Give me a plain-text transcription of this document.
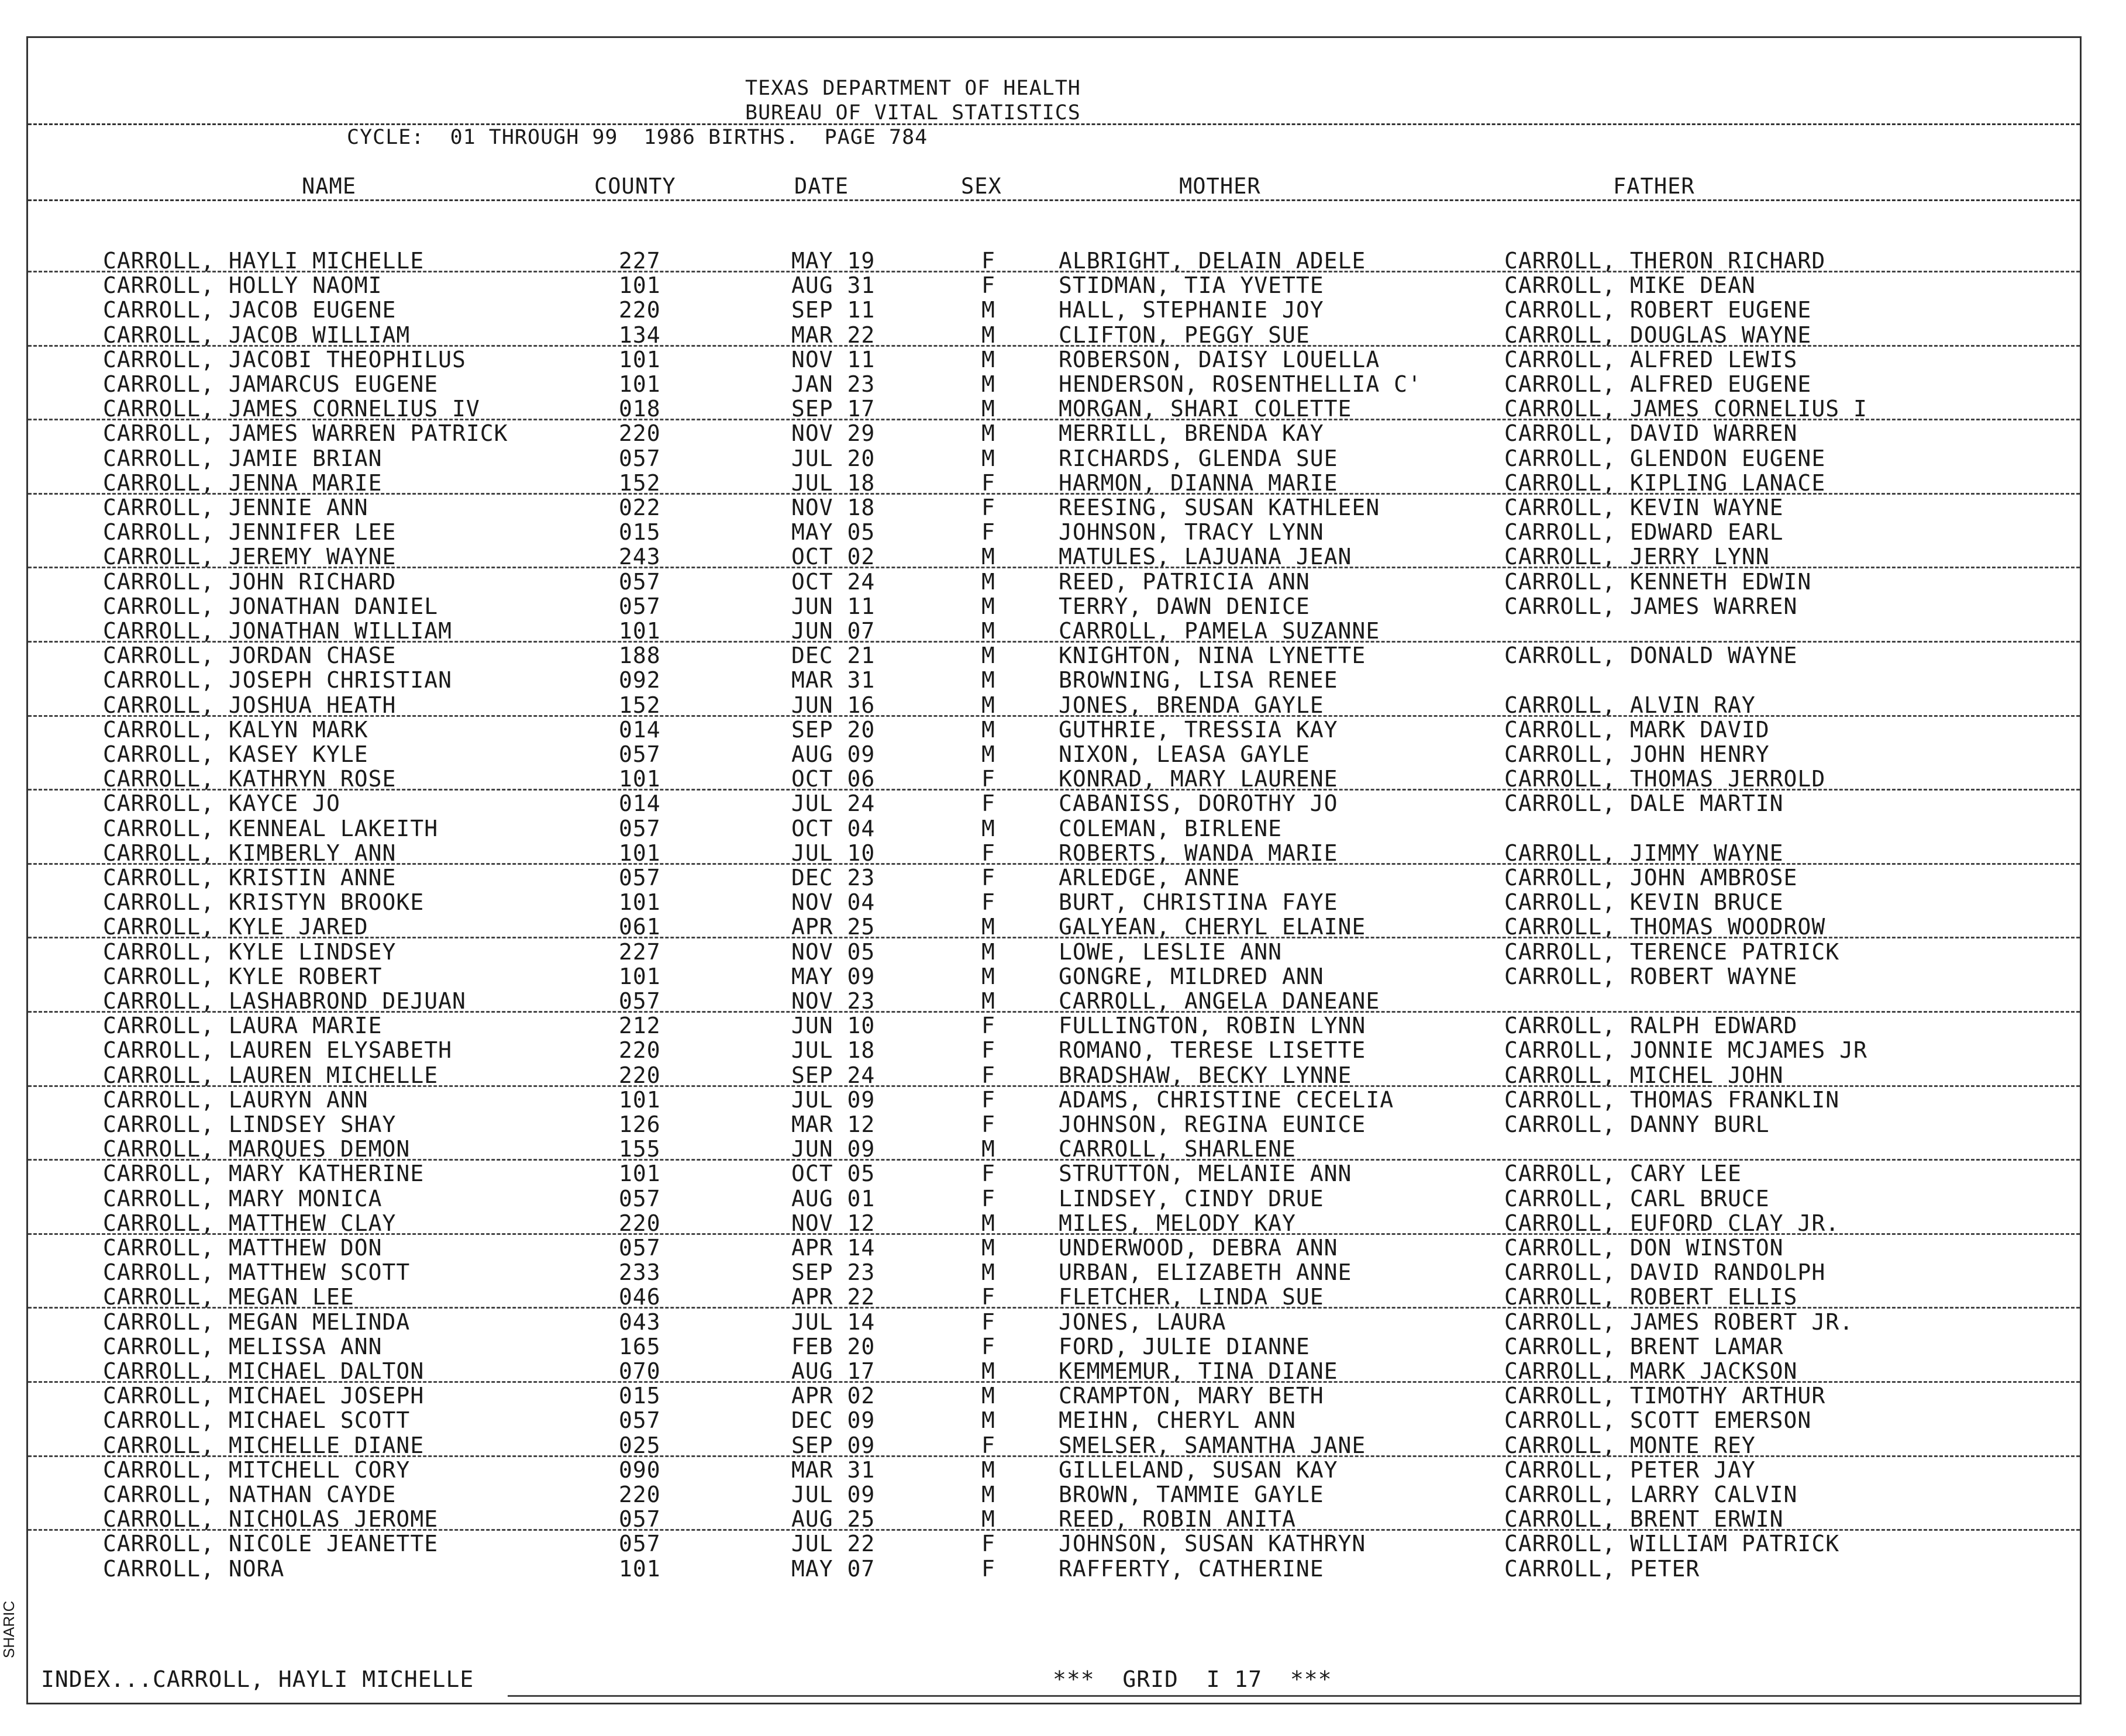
TEXAS DEPARTMENT OF HEALTH
BUREAU OF VITAL STATISTICS
CYCLE:  01 THROUGH 99  1986 BIRTHS.  PAGE 784
NAME	COUNTY	DATE	SEX	MOTHER	FATHER
CARROLL, HAYLI MICHELLE	227	MAY 19	F	ALBRIGHT, DELAIN ADELE	CARROLL, THERON RICHARD
CARROLL, HOLLY NAOMI	101	AUG 31	F	STIDMAN, TIA YVETTE	CARROLL, MIKE DEAN
CARROLL, JACOB EUGENE	220	SEP 11	M	HALL, STEPHANIE JOY	CARROLL, ROBERT EUGENE
CARROLL, JACOB WILLIAM	134	MAR 22	M	CLIFTON, PEGGY SUE	CARROLL, DOUGLAS WAYNE
CARROLL, JACOBI THEOPHILUS	101	NOV 11	M	ROBERSON, DAISY LOUELLA	CARROLL, ALFRED LEWIS
CARROLL, JAMARCUS EUGENE	101	JAN 23	M	HENDERSON, ROSENTHELLIA C'	CARROLL, ALFRED EUGENE
CARROLL, JAMES CORNELIUS IV	018	SEP 17	M	MORGAN, SHARI COLETTE	CARROLL, JAMES CORNELIUS I
CARROLL, JAMES WARREN PATRICK	220	NOV 29	M	MERRILL, BRENDA KAY	CARROLL, DAVID WARREN
CARROLL, JAMIE BRIAN	057	JUL 20	M	RICHARDS, GLENDA SUE	CARROLL, GLENDON EUGENE
CARROLL, JENNA MARIE	152	JUL 18	F	HARMON, DIANNA MARIE	CARROLL, KIPLING LANACE
CARROLL, JENNIE ANN	022	NOV 18	F	REESING, SUSAN KATHLEEN	CARROLL, KEVIN WAYNE
CARROLL, JENNIFER LEE	015	MAY 05	F	JOHNSON, TRACY LYNN	CARROLL, EDWARD EARL
CARROLL, JEREMY WAYNE	243	OCT 02	M	MATULES, LAJUANA JEAN	CARROLL, JERRY LYNN
CARROLL, JOHN RICHARD	057	OCT 24	M	REED, PATRICIA ANN	CARROLL, KENNETH EDWIN
CARROLL, JONATHAN DANIEL	057	JUN 11	M	TERRY, DAWN DENICE	CARROLL, JAMES WARREN
CARROLL, JONATHAN WILLIAM	101	JUN 07	M	CARROLL, PAMELA SUZANNE
CARROLL, JORDAN CHASE	188	DEC 21	M	KNIGHTON, NINA LYNETTE	CARROLL, DONALD WAYNE
CARROLL, JOSEPH CHRISTIAN	092	MAR 31	M	BROWNING, LISA RENEE
CARROLL, JOSHUA HEATH	152	JUN 16	M	JONES, BRENDA GAYLE	CARROLL, ALVIN RAY
CARROLL, KALYN MARK	014	SEP 20	M	GUTHRIE, TRESSIA KAY	CARROLL, MARK DAVID
CARROLL, KASEY KYLE	057	AUG 09	M	NIXON, LEASA GAYLE	CARROLL, JOHN HENRY
CARROLL, KATHRYN ROSE	101	OCT 06	F	KONRAD, MARY LAURENE	CARROLL, THOMAS JERROLD
CARROLL, KAYCE JO	014	JUL 24	F	CABANISS, DOROTHY JO	CARROLL, DALE MARTIN
CARROLL, KENNEAL LAKEITH	057	OCT 04	M	COLEMAN, BIRLENE
CARROLL, KIMBERLY ANN	101	JUL 10	F	ROBERTS, WANDA MARIE	CARROLL, JIMMY WAYNE
CARROLL, KRISTIN ANNE	057	DEC 23	F	ARLEDGE, ANNE	CARROLL, JOHN AMBROSE
CARROLL, KRISTYN BROOKE	101	NOV 04	F	BURT, CHRISTINA FAYE	CARROLL, KEVIN BRUCE
CARROLL, KYLE JARED	061	APR 25	M	GALYEAN, CHERYL ELAINE	CARROLL, THOMAS WOODROW
CARROLL, KYLE LINDSEY	227	NOV 05	M	LOWE, LESLIE ANN	CARROLL, TERENCE PATRICK
CARROLL, KYLE ROBERT	101	MAY 09	M	GONGRE, MILDRED ANN	CARROLL, ROBERT WAYNE
CARROLL, LASHABROND DEJUAN	057	NOV 23	M	CARROLL, ANGELA DANEANE
CARROLL, LAURA MARIE	212	JUN 10	F	FULLINGTON, ROBIN LYNN	CARROLL, RALPH EDWARD
CARROLL, LAUREN ELYSABETH	220	JUL 18	F	ROMANO, TERESE LISETTE	CARROLL, JONNIE MCJAMES JR
CARROLL, LAUREN MICHELLE	220	SEP 24	F	BRADSHAW, BECKY LYNNE	CARROLL, MICHEL JOHN
CARROLL, LAURYN ANN	101	JUL 09	F	ADAMS, CHRISTINE CECELIA	CARROLL, THOMAS FRANKLIN
CARROLL, LINDSEY SHAY	126	MAR 12	F	JOHNSON, REGINA EUNICE	CARROLL, DANNY BURL
CARROLL, MARQUES DEMON	155	JUN 09	M	CARROLL, SHARLENE
CARROLL, MARY KATHERINE	101	OCT 05	F	STRUTTON, MELANIE ANN	CARROLL, CARY LEE
CARROLL, MARY MONICA	057	AUG 01	F	LINDSEY, CINDY DRUE	CARROLL, CARL BRUCE
CARROLL, MATTHEW CLAY	220	NOV 12	M	MILES, MELODY KAY	CARROLL, EUFORD CLAY JR.
CARROLL, MATTHEW DON	057	APR 14	M	UNDERWOOD, DEBRA ANN	CARROLL, DON WINSTON
CARROLL, MATTHEW SCOTT	233	SEP 23	M	URBAN, ELIZABETH ANNE	CARROLL, DAVID RANDOLPH
CARROLL, MEGAN LEE	046	APR 22	F	FLETCHER, LINDA SUE	CARROLL, ROBERT ELLIS
CARROLL, MEGAN MELINDA	043	JUL 14	F	JONES, LAURA	CARROLL, JAMES ROBERT JR.
CARROLL, MELISSA ANN	165	FEB 20	F	FORD, JULIE DIANNE	CARROLL, BRENT LAMAR
CARROLL, MICHAEL DALTON	070	AUG 17	M	KEMMEMUR, TINA DIANE	CARROLL, MARK JACKSON
CARROLL, MICHAEL JOSEPH	015	APR 02	M	CRAMPTON, MARY BETH	CARROLL, TIMOTHY ARTHUR
CARROLL, MICHAEL SCOTT	057	DEC 09	M	MEIHN, CHERYL ANN	CARROLL, SCOTT EMERSON
CARROLL, MICHELLE DIANE	025	SEP 09	F	SMELSER, SAMANTHA JANE	CARROLL, MONTE REY
CARROLL, MITCHELL CORY	090	MAR 31	M	GILLELAND, SUSAN KAY	CARROLL, PETER JAY
CARROLL, NATHAN CAYDE	220	JUL 09	M	BROWN, TAMMIE GAYLE	CARROLL, LARRY CALVIN
CARROLL, NICHOLAS JEROME	057	AUG 25	M	REED, ROBIN ANITA	CARROLL, BRENT ERWIN
CARROLL, NICOLE JEANETTE	057	JUL 22	F	JOHNSON, SUSAN KATHRYN	CARROLL, WILLIAM PATRICK
CARROLL, NORA	101	MAY 07	F	RAFFERTY, CATHERINE	CARROLL, PETER
INDEX...CARROLL, HAYLI MICHELLE	***  GRID  I 17  ***
SHARIC
